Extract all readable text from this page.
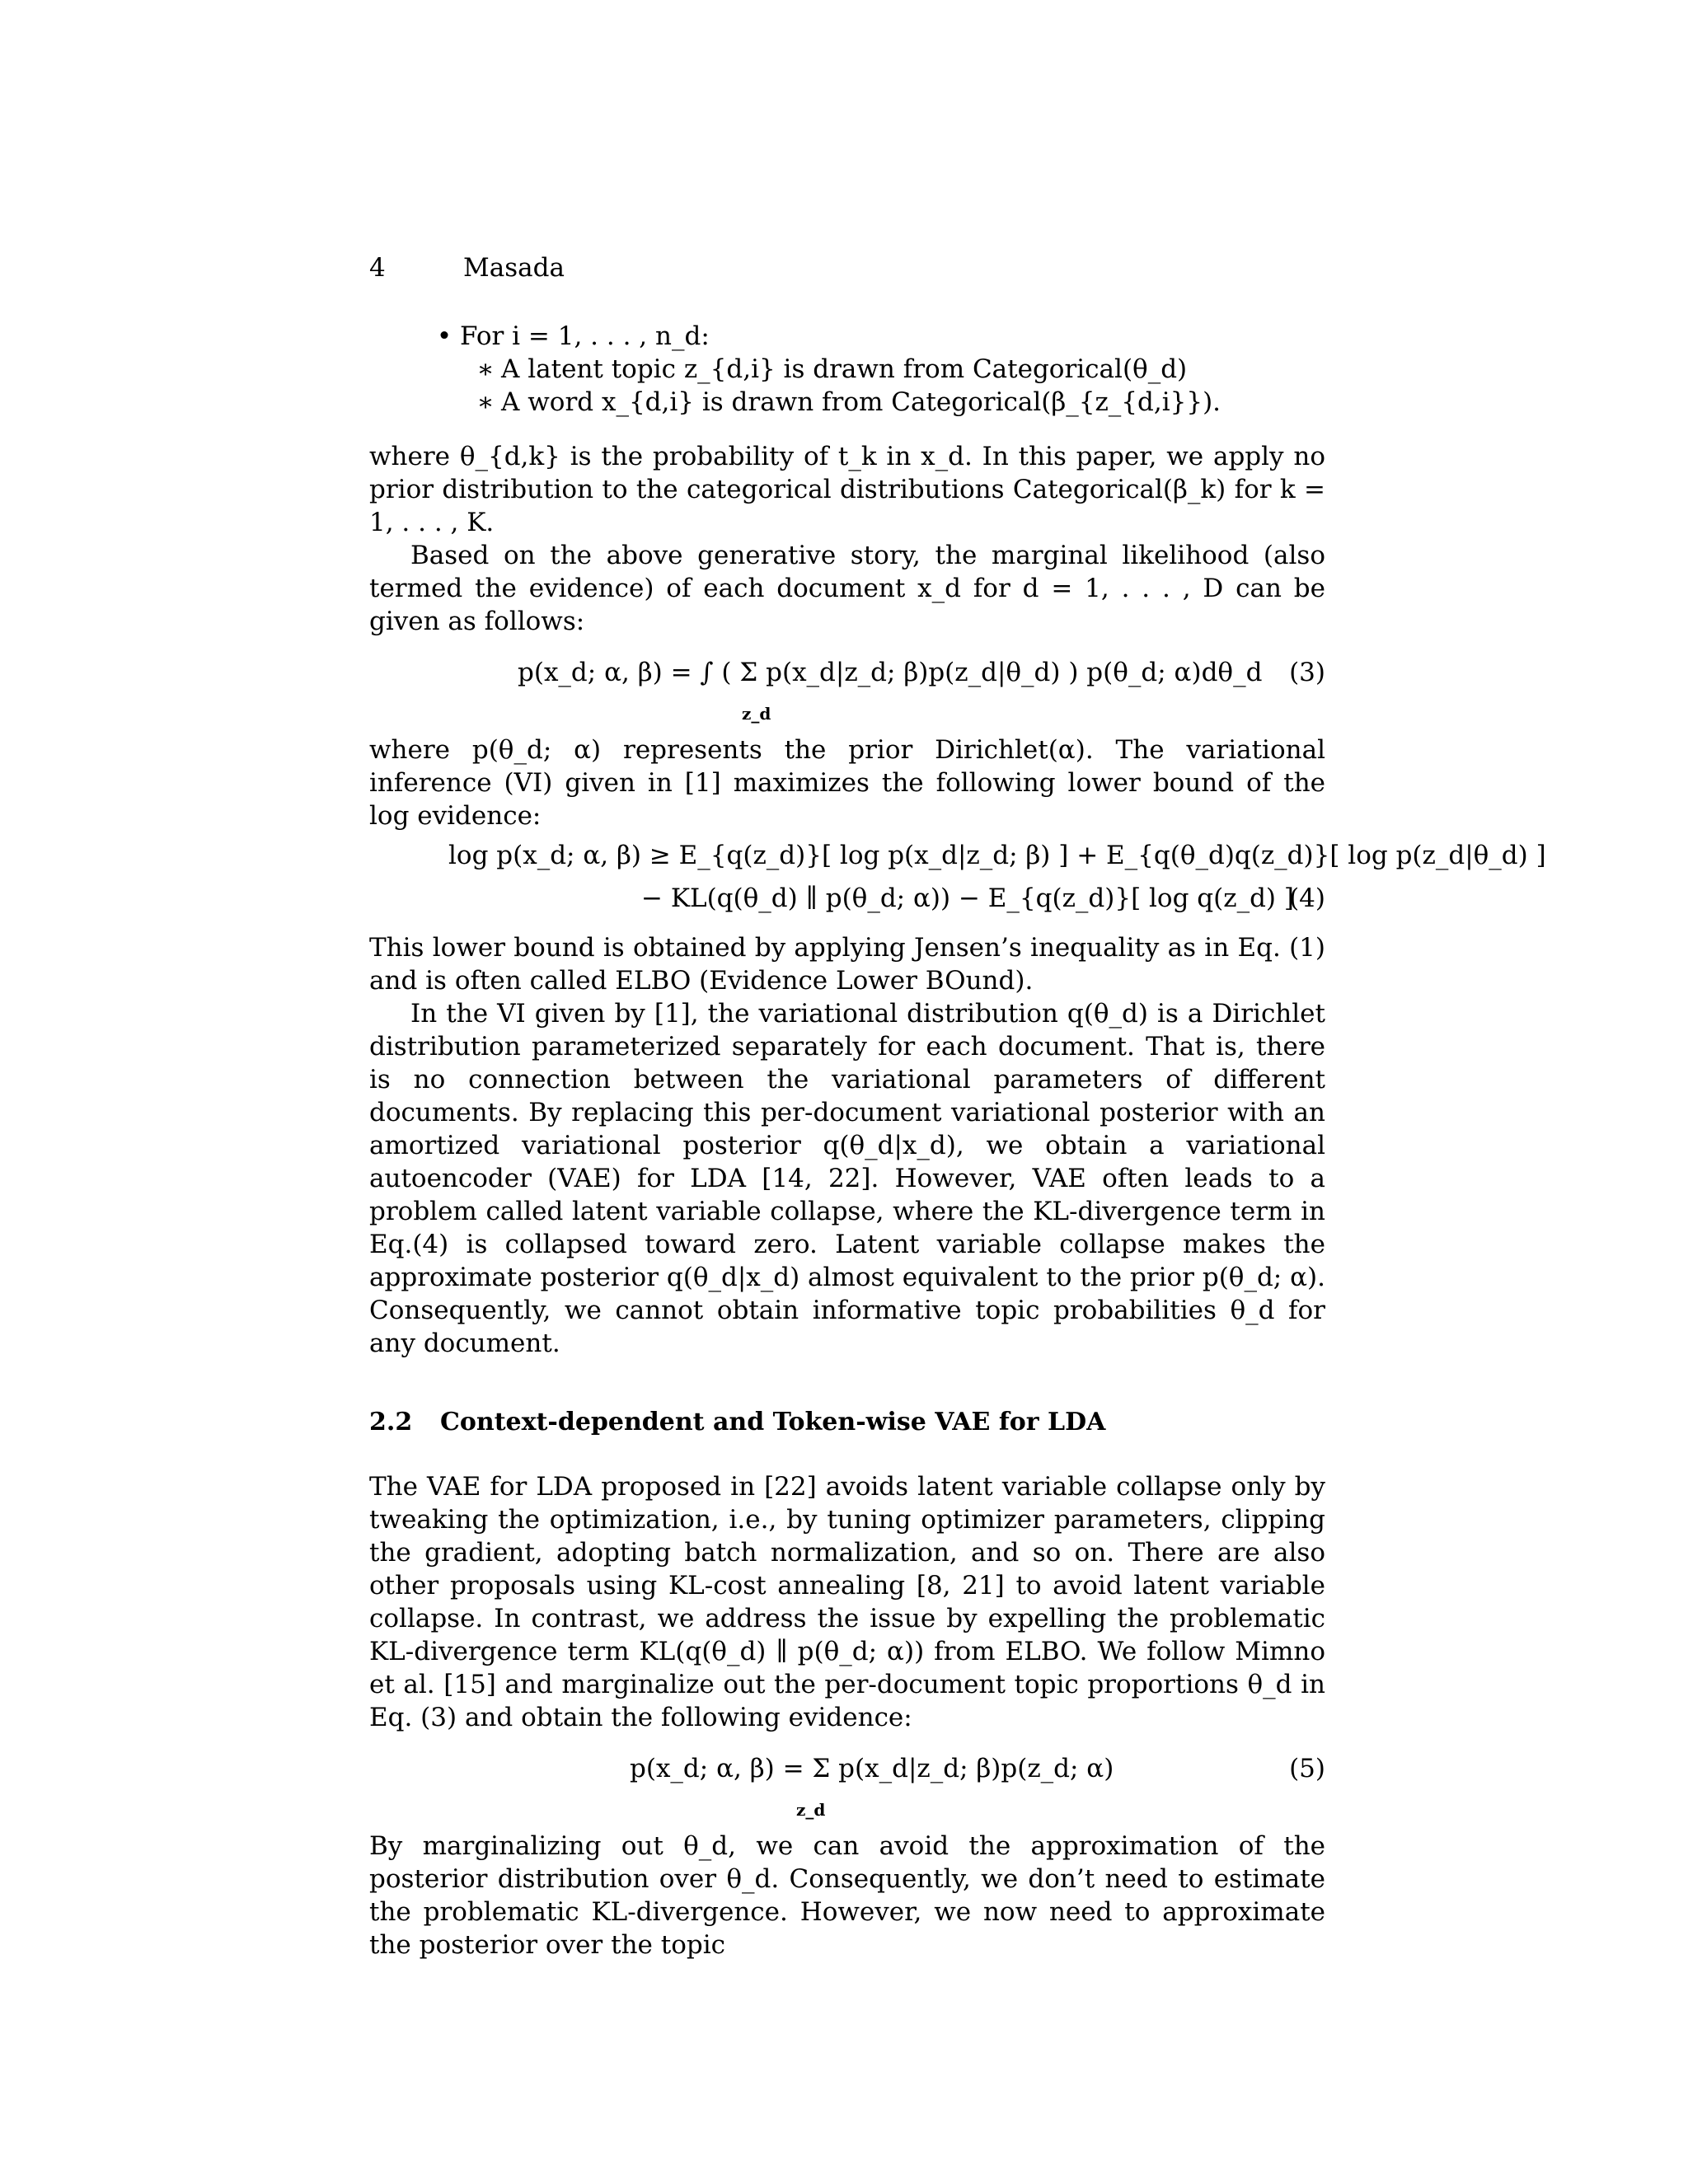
4	Masada
• For i = 1, . . . , n_d:
∗ A latent topic z_{d,i} is drawn from Categorical(θ_d)
∗ A word x_{d,i} is drawn from Categorical(β_{z_{d,i}}).

where θ_{d,k} is the probability of t_k in x_d. In this paper, we apply no prior distribution to the categorical distributions Categorical(β_k) for k = 1, . . . , K.

Based on the above generative story, the marginal likelihood (also termed the evidence) of each document x_d for d = 1, . . . , D can be given as follows:

p(x_d; α, β) = ∫ ( Σ p(x_d|z_d; β)p(z_d|θ_d) ) p(θ_d; α)dθ_d
z_d
(3)

where p(θ_d; α) represents the prior Dirichlet(α). The variational inference (VI) given in [1] maximizes the following lower bound of the log evidence:

log p(x_d; α, β) ≥ E_{q(z_d)}[ log p(x_d|z_d; β) ] + E_{q(θ_d)q(z_d)}[ log p(z_d|θ_d) ]
− KL(q(θ_d) ∥ p(θ_d; α)) − E_{q(z_d)}[ log q(z_d) ]
(4)

This lower bound is obtained by applying Jensen’s inequality as in Eq. (1) and is often called ELBO (Evidence Lower BOund).

In the VI given by [1], the variational distribution q(θ_d) is a Dirichlet distribution parameterized separately for each document. That is, there is no connection between the variational parameters of different documents. By replacing this per-document variational posterior with an amortized variational posterior q(θ_d|x_d), we obtain a variational autoencoder (VAE) for LDA [14, 22]. However, VAE often leads to a problem called latent variable collapse, where the KL-divergence term in Eq.(4) is collapsed toward zero. Latent variable collapse makes the approximate posterior q(θ_d|x_d) almost equivalent to the prior p(θ_d; α). Consequently, we cannot obtain informative topic probabilities θ_d for any document.

2.2 Context-dependent and Token-wise VAE for LDA

The VAE for LDA proposed in [22] avoids latent variable collapse only by tweaking the optimization, i.e., by tuning optimizer parameters, clipping the gradient, adopting batch normalization, and so on. There are also other proposals using KL-cost annealing [8, 21] to avoid latent variable collapse. In contrast, we address the issue by expelling the problematic KL-divergence term KL(q(θ_d) ∥ p(θ_d; α)) from ELBO. We follow Mimno et al. [15] and marginalize out the per-document topic proportions θ_d in Eq. (3) and obtain the following evidence:

p(x_d; α, β) = Σ p(x_d|z_d; β)p(z_d; α)
z_d
(5)

By marginalizing out θ_d, we can avoid the approximation of the posterior distribution over θ_d. Consequently, we don’t need to estimate the problematic KL-divergence. However, we now need to approximate the posterior over the topic
